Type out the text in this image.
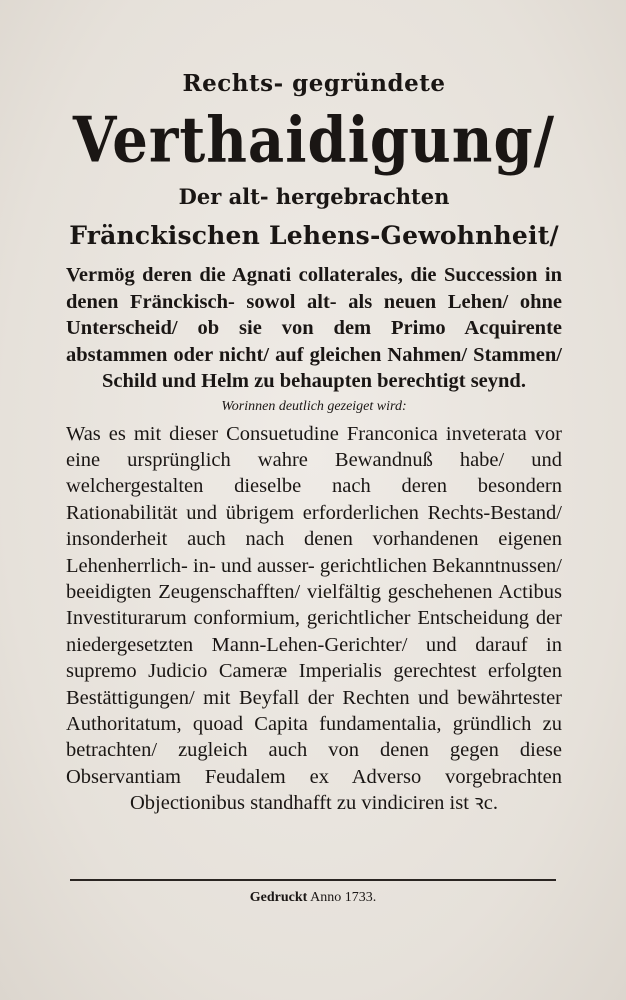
Rechts- gegründete
Verthaidigung/
Der alt- hergebrachten
Fränckischen Lehens-Gewohnheit/
Vermög deren die Agnati collaterales, die Succession in denen Fränckisch- sowol alt- als neuen Lehen/ ohne Unterscheid/ ob sie von dem Primo Acquirente abstammen oder nicht/ auf gleichen Nahmen/ Stammen/ Schild und Helm zu behaupten berechtigt seynd.
Worinnen deutlich gezeiget wird:
Was es mit dieser Consuetudine Franconica inveterata vor eine ursprünglich wahre Bewandnuß habe/ und welchergestalten dieselbe nach deren besondern Rationabilität und übrigem erforderlichen Rechts-Bestand/ insonderheit auch nach denen vorhandenen eigenen Lehenherrlich- in- und ausser- gerichtlichen Bekanntnussen/ beeidigten Zeugenschafften/ vielfältig geschehenen Actibus Investiturarum conformium, gerichtlicher Entscheidung der niedergesetzten Mann-Lehen-Gerichter/ und darauf in supremo Judicio Cameræ Imperialis gerechtest erfolgten Bestättigungen/ mit Beyfall der Rechten und bewährtester Authoritatum, quoad Capita fundamentalia, gründlich zu betrachten/ zugleich auch von denen gegen diese Observantiam Feudalem ex Adverso vorgebrachten Objectionibus standhafft zu vindiciren ist ꝛc.
Gedruckt Anno 1733.
